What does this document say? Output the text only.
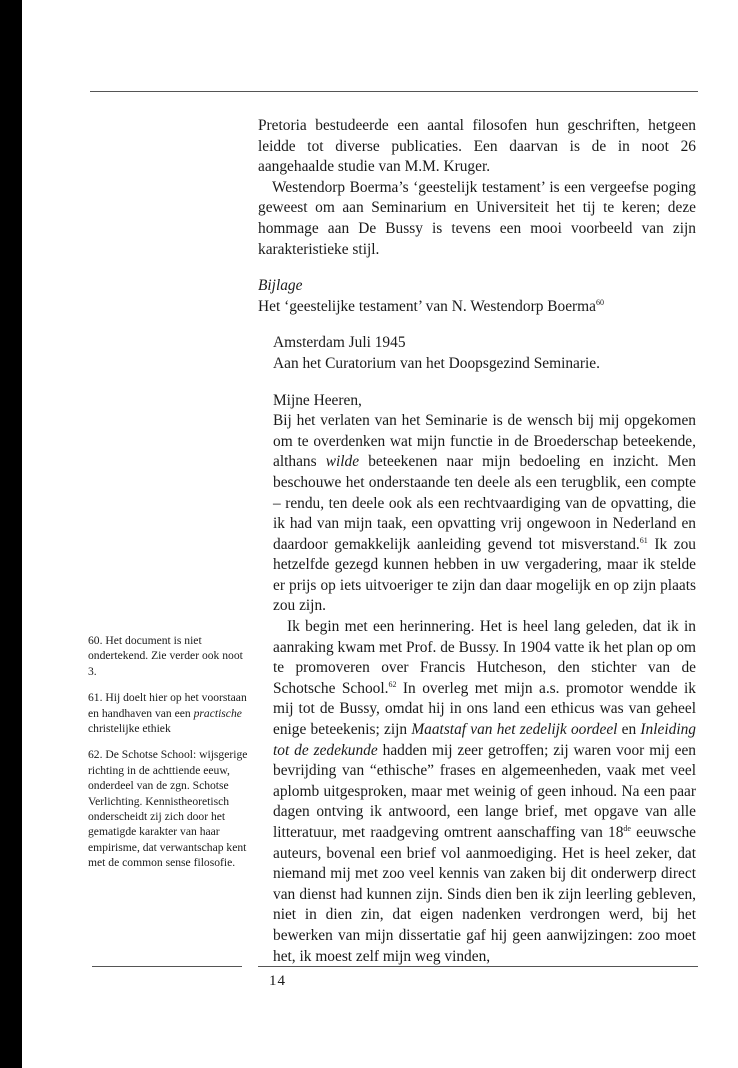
Pretoria bestudeerde een aantal filosofen hun geschriften, hetgeen leidde tot diverse publicaties. Een daarvan is de in noot 26 aangehaalde studie van M.M. Kruger.

Westendorp Boerma’s ‘geestelijk testament’ is een vergeefse poging geweest om aan Seminarium en Universiteit het tij te keren; deze hommage aan De Bussy is tevens een mooi voorbeeld van zijn karakteristieke stijl.

Bijlage

Het ‘geestelijke testament’ van N. Westendorp Boerma$^{60}$

Amsterdam Juli 1945

Aan het Curatorium van het Doopsgezind Seminarie.

Mijne Heeren,

Bij het verlaten van het Seminarie is de wensch bij mij opgekomen om te overdenken wat mijn functie in de Broederschap beteekende, althans wilde beteekenen naar mijn bedoeling en inzicht. Men beschouwe het onderstaande ten deele als een terugblik, een compte – rendu, ten deele ook als een rechtvaardiging van de opvatting, die ik had van mijn taak, een opvatting vrij ongewoon in Nederland en daardoor gemakkelijk aanleiding gevend tot misverstand.$^{61}$ Ik zou hetzelfde gezegd kunnen hebben in uw vergadering, maar ik stelde er prijs op iets uitvoeriger te zijn dan daar mogelijk en op zijn plaats zou zijn.

Ik begin met een herinnering. Het is heel lang geleden, dat ik in aanraking kwam met Prof. de Bussy. In 1904 vatte ik het plan op om te promoveren over Francis Hutcheson, den stichter van de Schotsche School.$^{62}$ In overleg met mijn a.s. promotor wendde ik mij tot de Bussy, omdat hij in ons land een ethicus was van geheel enige beteekenis; zijn Maatstaf van het zedelijk oordeel en Inleiding tot de zedekunde hadden mij zeer getroffen; zij waren voor mij een bevrijding van “ethische” frases en algemeenheden, vaak met veel aplomb uitgesproken, maar met weinig of geen inhoud. Na een paar dagen ontving ik antwoord, een lange brief, met opgave van alle litteratuur, met raadgeving omtrent aanschaffing van 18de eeuwsche auteurs, bovenal een brief vol aanmoediging. Het is heel zeker, dat niemand mij met zoo veel kennis van zaken bij dit onderwerp direct van dienst had kunnen zijn. Sinds dien ben ik zijn leerling gebleven, niet in dien zin, dat eigen nadenken verdrongen werd, bij het bewerken van mijn dissertatie gaf hij geen aanwijzingen: zoo moet het, ik moest zelf mijn weg vinden,

60. Het document is niet ondertekend. Zie verder ook noot 3.

61. Hij doelt hier op het voorstaan en handhaven van een practische christelijke ethiek

62. De Schotse School: wijsgerige richting in de achttiende eeuw, onderdeel van de zgn. Schotse Verlichting. Kennistheoretisch onderscheidt zij zich door het gematigde karakter van haar empirisme, dat verwantschap kent met de common sense filosofie.

14
